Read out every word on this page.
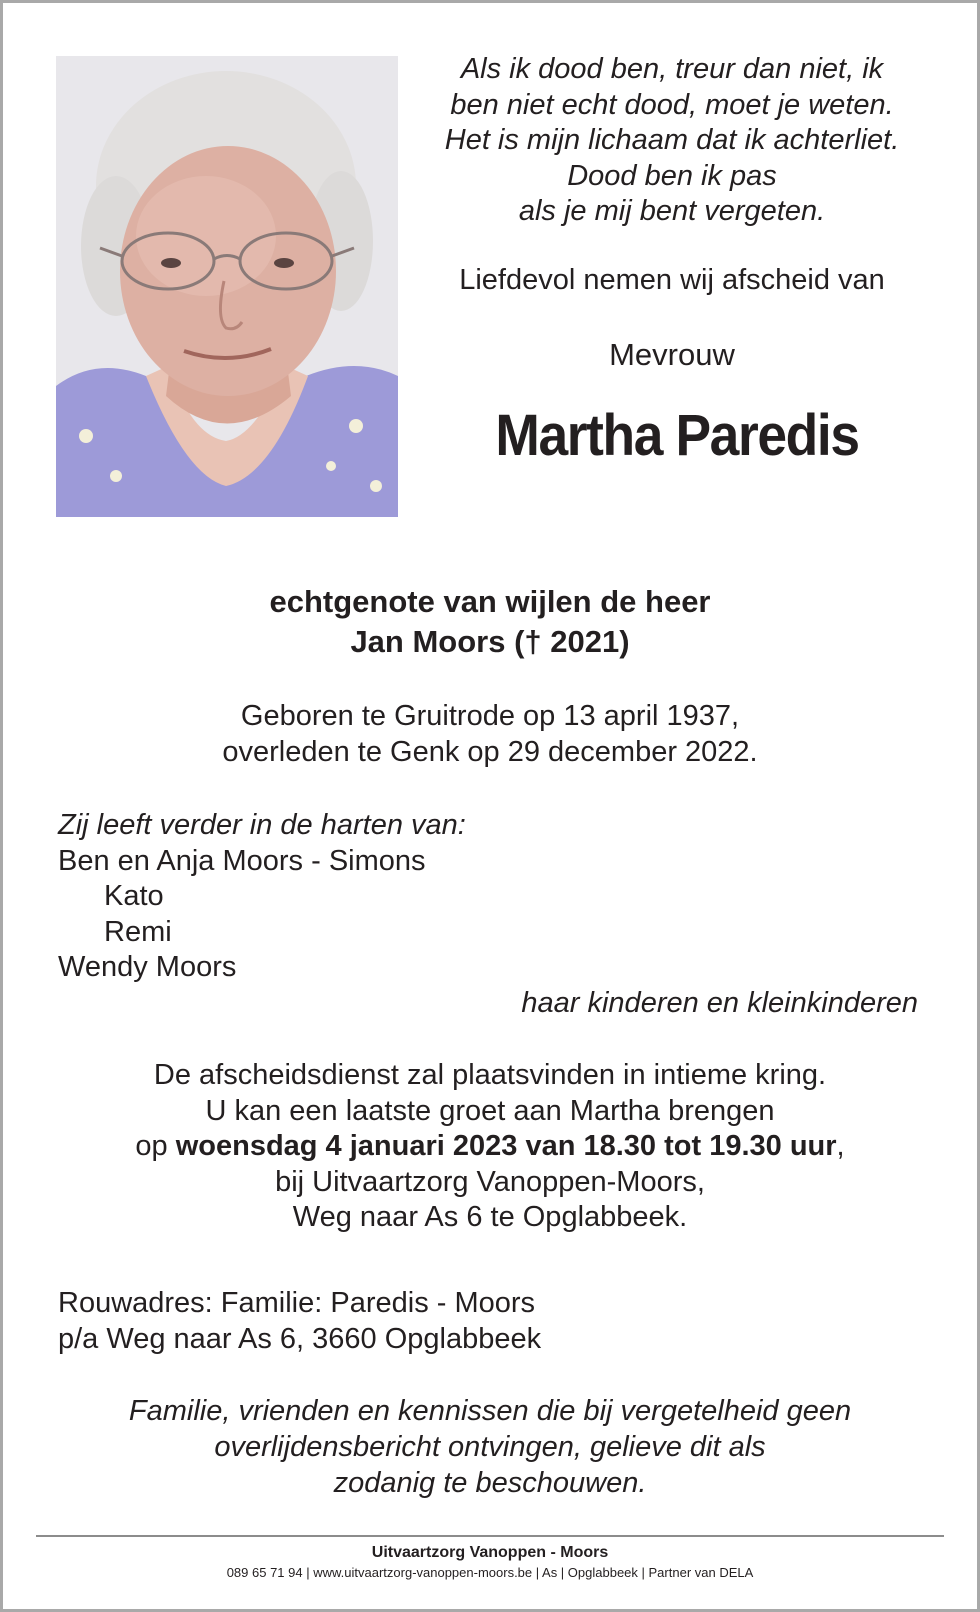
Als ik dood ben, treur dan niet, ik
ben niet echt dood, moet je weten.
Het is mijn lichaam dat ik achterliet.
Dood ben ik pas
als je mij bent vergeten.
Liefdevol nemen wij afscheid van
Mevrouw
Martha Paredis
echtgenote van wijlen de heer
Jan Moors († 2021)
Geboren te Gruitrode op 13 april 1937,
overleden te Genk op 29 december 2022.
Zij leeft verder in de harten van:
Ben en Anja Moors - Simons
Kato
Remi
Wendy Moors
haar kinderen en kleinkinderen
De afscheidsdienst zal plaatsvinden in intieme kring.
U kan een laatste groet aan Martha brengen
op woensdag 4 januari 2023 van 18.30 tot 19.30 uur,
bij Uitvaartzorg Vanoppen-Moors,
Weg naar As 6 te Opglabbeek.
Rouwadres: Familie: Paredis - Moors
p/a Weg naar As 6, 3660 Opglabbeek
Familie, vrienden en kennissen die bij vergetelheid geen
overlijdensbericht ontvingen, gelieve dit als
zodanig te beschouwen.
Uitvaartzorg Vanoppen - Moors
089 65 71 94 | www.uitvaartzorg-vanoppen-moors.be | As | Opglabbeek | Partner van DELA
